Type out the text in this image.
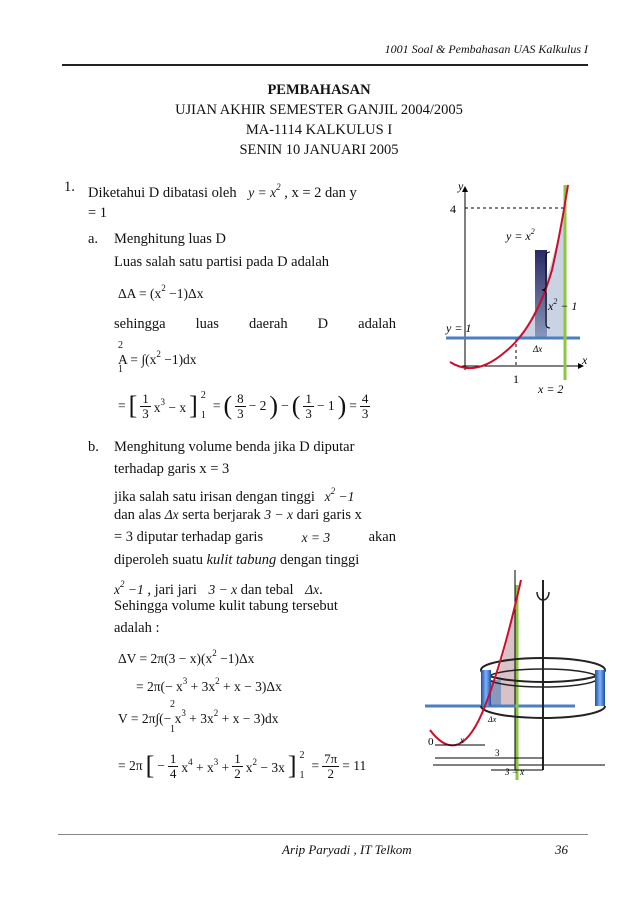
1001 Soal & Pembahasan UAS Kalkulus I
PEMBAHASAN
UJIAN AKHIR SEMESTER GANJIL 2004/2005
MA-1114 KALKULUS I
SENIN 10 JANUARI 2005
1. Diketahui D dibatasi oleh $y = x^2$ , x = 2 dan y
= 1
a. Menghitung luas D
Luas salah satu partisi pada D adalah
$\Delta A = (x^2 -1)\Delta x$
sehingga luas daerah D adalah
2
$A = \int(x^2 -1)dx$
1
= [ $\frac{1}{3} x^3 - x$ ] 2
1
= ( $\frac{8}{3} - 2$ ) − ( $\frac{1}{3} - 1$ ) = $\frac{4}{3}$
b. Menghitung volume benda jika D diputar
terhadap garis x = 3
jika salah satu irisan dengan tinggi $x^2 -1$
dan alas Δx serta berjarak 3 − x dari garis x
= 3 diputar terhadap garis	x = 3	akan
diperoleh suatu kulit tabung dengan tinggi
$x^2 -1$ , jari jari 3 − x dan tebal Δx.
Sehingga volume kulit tabung tersebut
adalah :
$\Delta V = 2\pi(3 - x)(x^2 -1)\Delta x$
= $2\pi(- x^3 + 3x^2 + x - 3)\Delta x$
2
$V = 2\pi\int(- x^3 + 3x^2 + x - 3)dx$
1
= 2π [ − $\frac{1}{4} x^4 + x^3 + \frac{1}{2} x^2 - 3x$ ] 2
1
= $\frac{7\pi}{2} = 11$
y
4
x
1
$y = x^2$
y = 1
x = 2
$x^2 - 1$
Δx
0	x
3
3 − x
Δx
Arip Paryadi , IT Telkom	36
